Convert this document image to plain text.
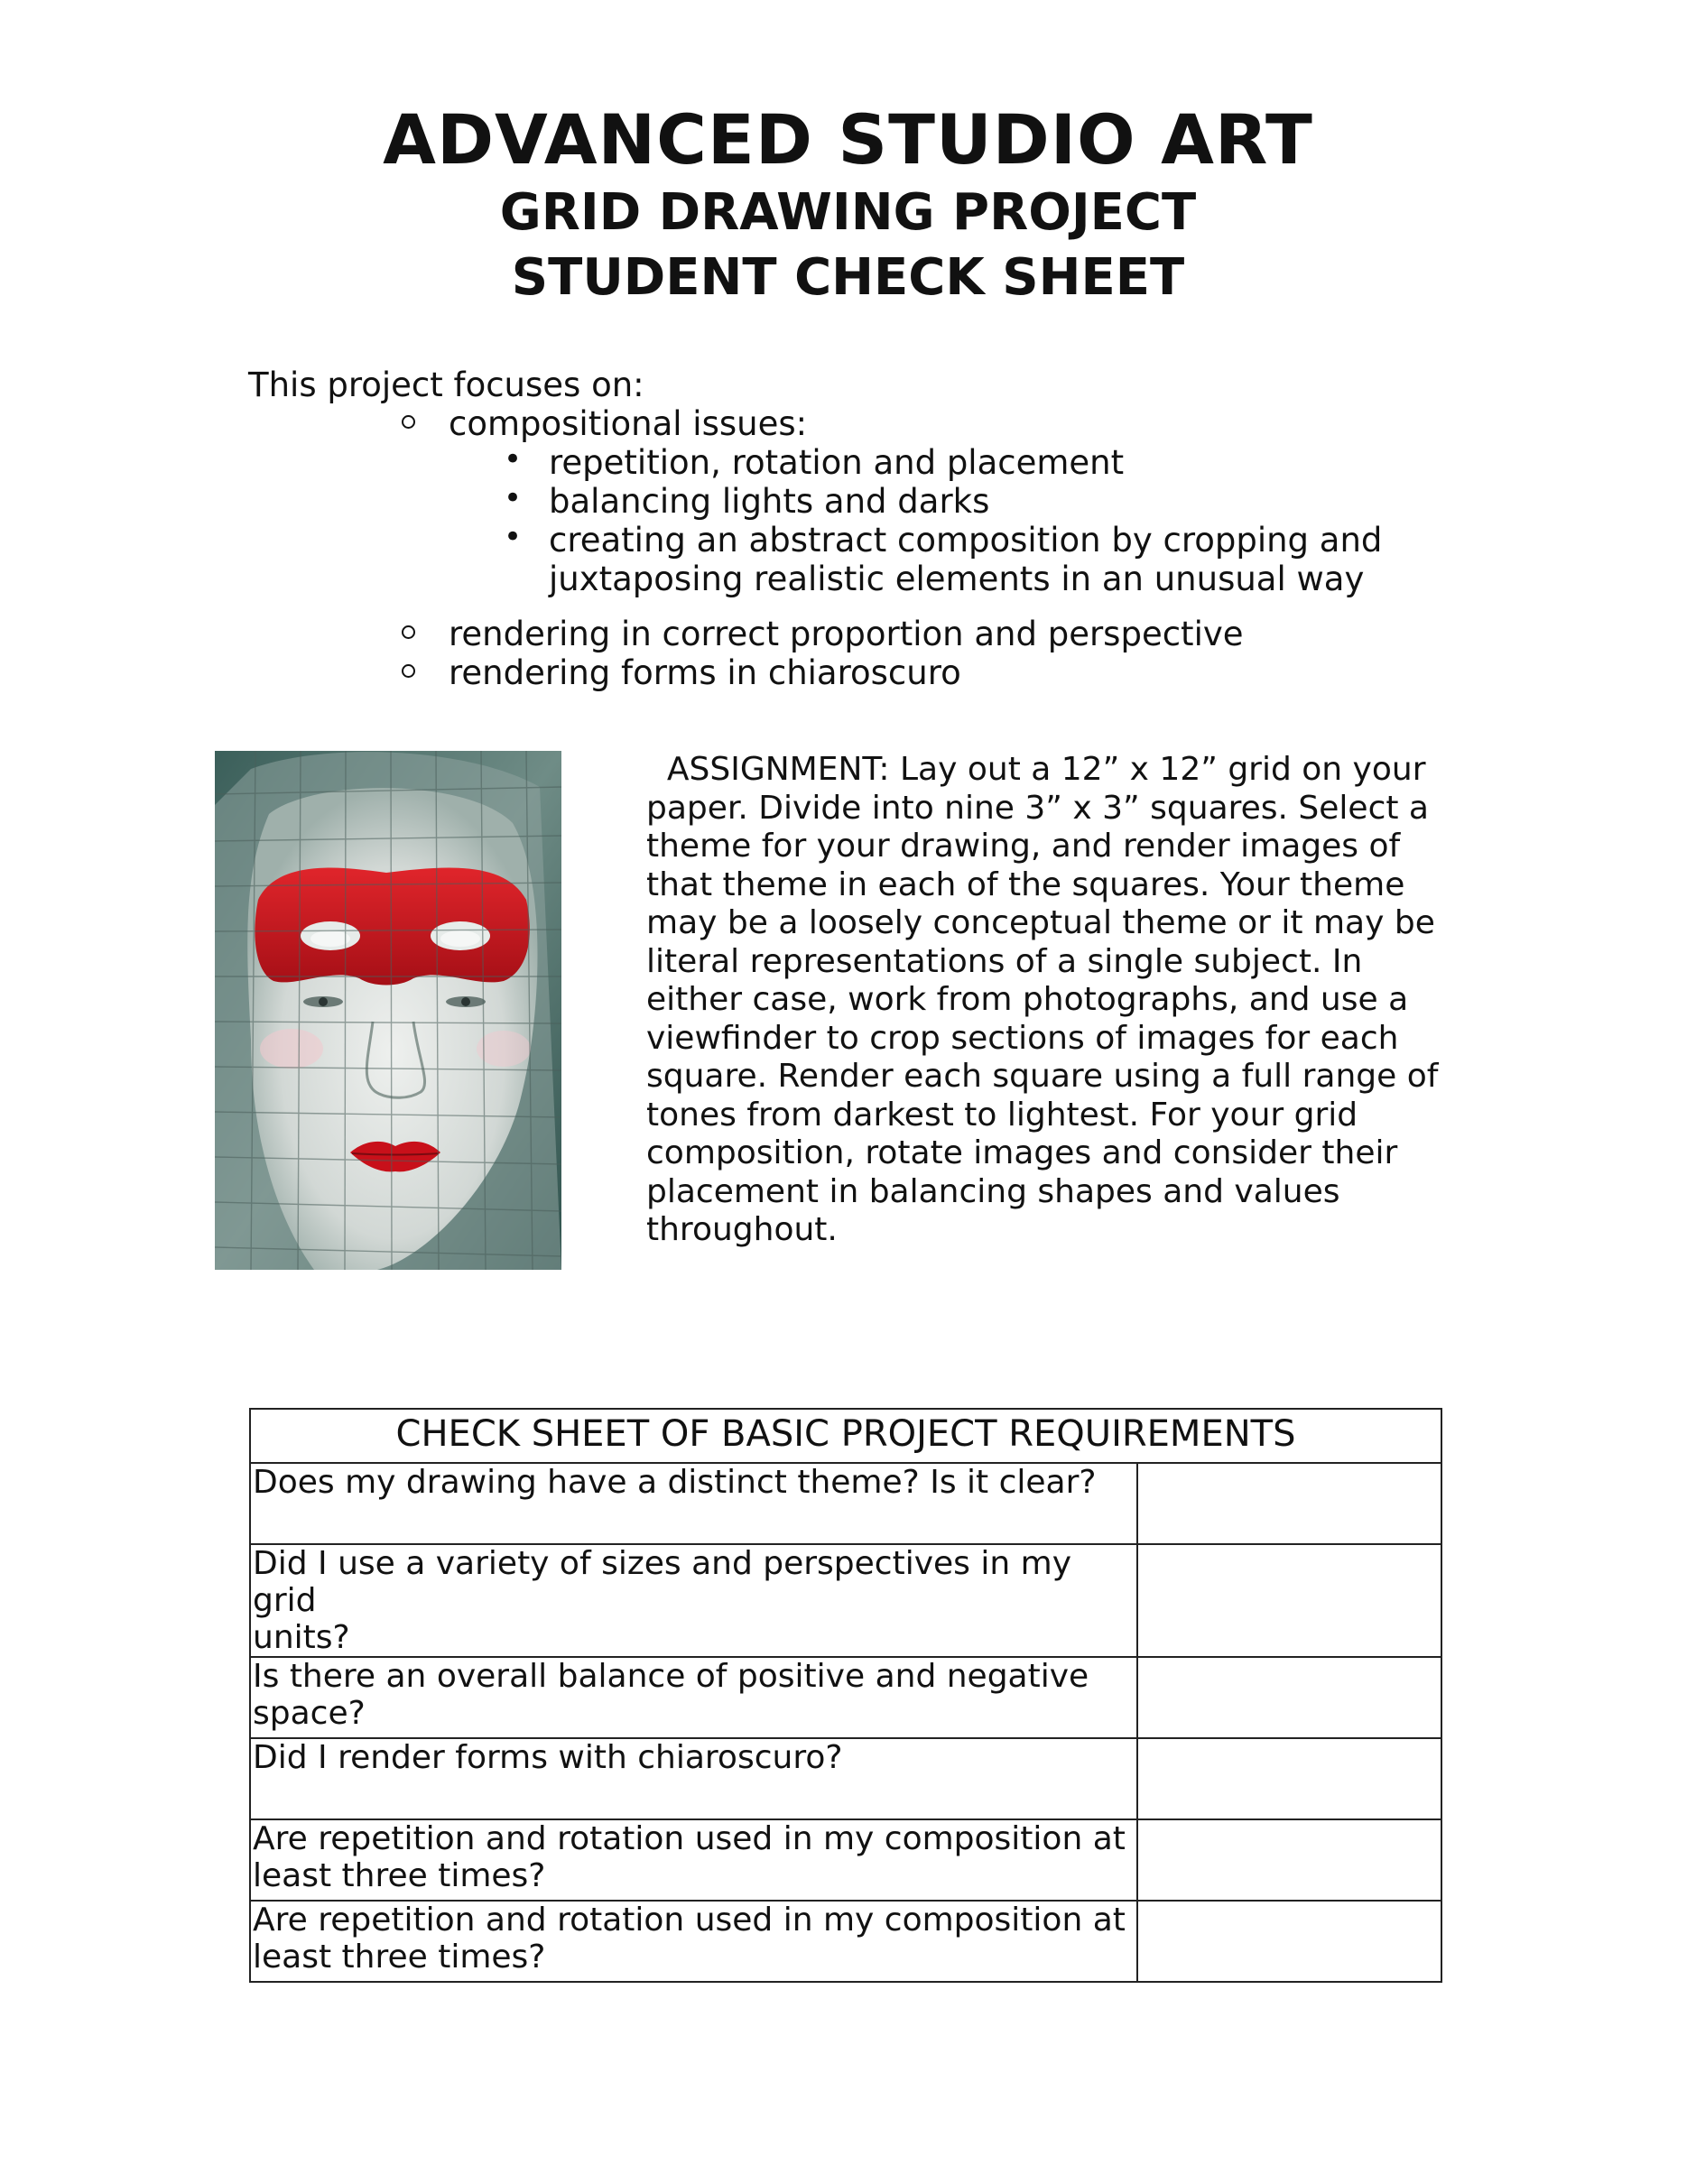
ADVANCED STUDIO ART
GRID DRAWING PROJECT
STUDENT CHECK SHEET
This project focuses on:
compositional issues:
• repetition, rotation and placement
• balancing lights and darks
• creating an abstract composition by cropping and
juxtaposing realistic elements in an unusual way
rendering in correct proportion and perspective
rendering forms in chiaroscuro
ASSIGNMENT: Lay out a 12” x 12” grid on your
paper. Divide into nine 3” x 3” squares. Select a
theme for your drawing, and render images of
that theme in each of the squares. Your theme
may be a loosely conceptual theme or it may be
literal representations of a single subject. In
either case, work from photographs, and use a
viewfinder to crop sections of images for each
square. Render each square using a full range of
tones from darkest to lightest. For your grid
composition, rotate images and consider their
placement in balancing shapes and values
throughout.
CHECK SHEET OF BASIC PROJECT REQUIREMENTS	

Does my drawing have a distinct theme? Is it clear?	

Did I use a variety of sizes and perspectives in my grid
units?	

Is there an overall balance of positive and negative
space?	

Did I render forms with chiaroscuro?	

Are repetition and rotation used in my composition at
least three times?	

Are repetition and rotation used in my composition at
least three times?	
